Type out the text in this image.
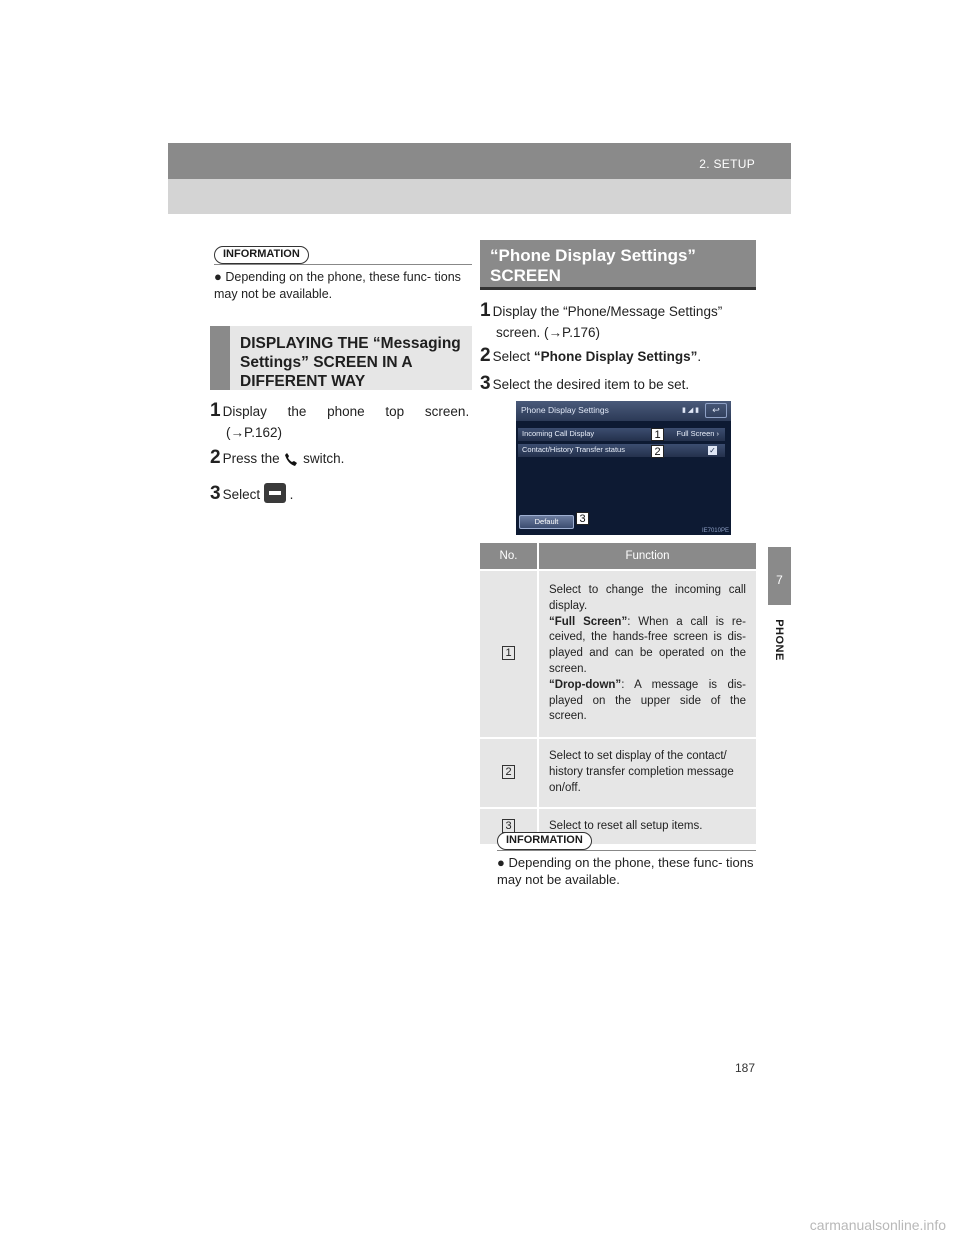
2. SETUP
7
PHONE
INFORMATION
● Depending on the phone, these func- tions may not be available.
DISPLAYING THE “Messaging
Settings” SCREEN IN A
DIFFERENT WAY
1 Display the phone top screen.
(→P.162)
2 Press the switch.
3 Select .
“Phone Display Settings”
SCREEN
1 Display the “Phone/Message Settings”
screen. (→P.176)
2 Select “Phone Display Settings”.
3 Select the desired item to be set.
Phone Display Settings	▮ ◢ ▮	↩
Incoming Call Display	Full Screen ›
Contact/History Transfer status	✓
Default
1
2
3
IE7010PE
No.	Function
1	Select to change the incoming call display.
“Full Screen”: When a call is re- ceived, the hands-free screen is dis- played and can be operated on the screen.
“Drop-down”: A message is dis- played on the upper side of the screen.
2	Select to set display of the contact/ history transfer completion message on/off.
3	Select to reset all setup items.
INFORMATION
● Depending on the phone, these func- tions may not be available.
187
carmanualsonline.info
